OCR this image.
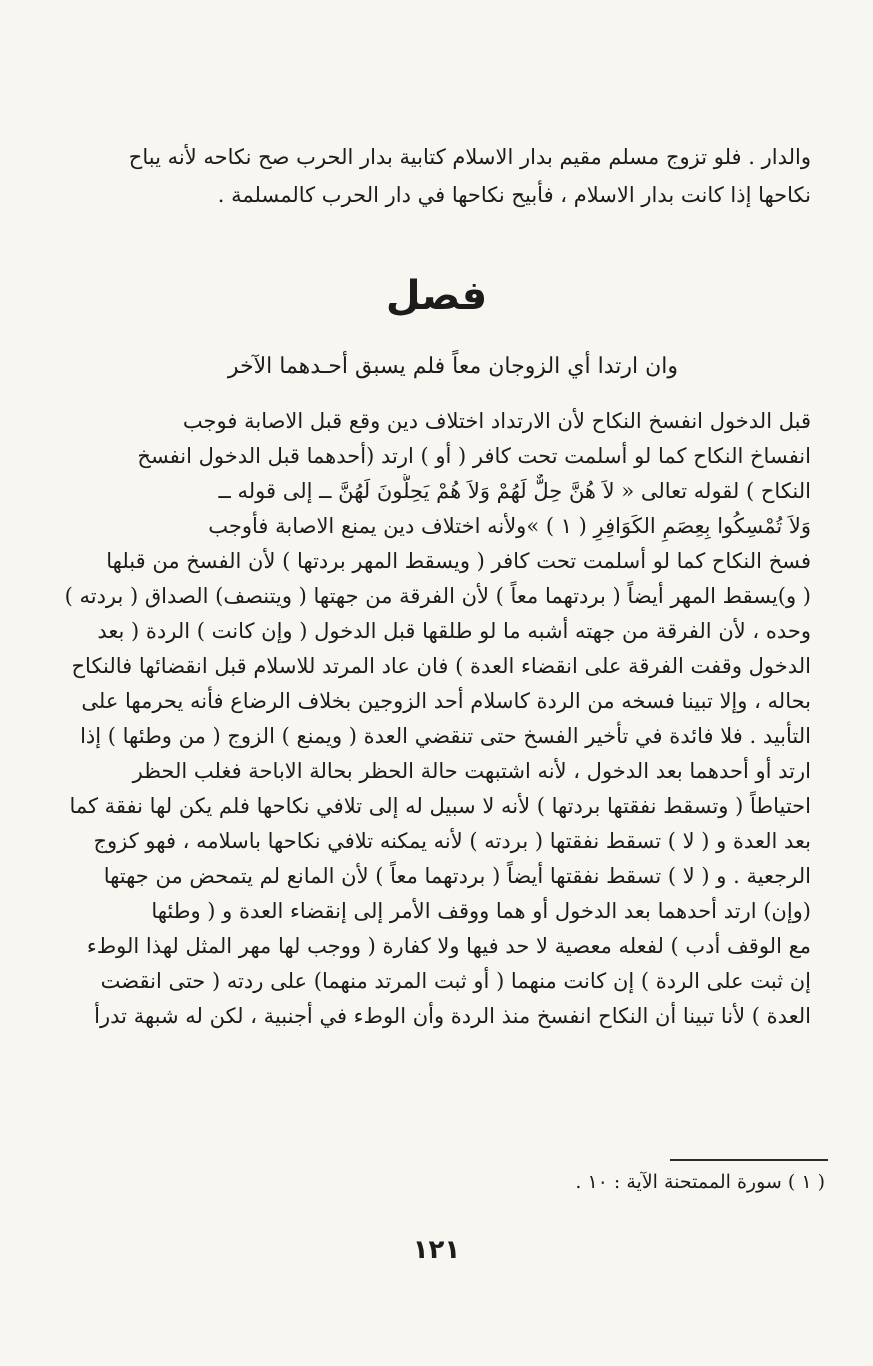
والدار . فلو تزوج مسلم مقيم بدار الاسلام كتابية بدار الحرب صح نكاحه لأنه يباح
نكاحها إذا كانت بدار الاسلام ، فأبيح نكاحها في دار الحرب كالمسلمة .
فصل
وان ارتدا أي الزوجان معاً فلم يسبق أحـدهما الآخر
قبل الدخول انفسخ النكاح لأن الارتداد اختلاف دين وقع قبل الاصابة فوجب
انفساخ النكاح كما لو أسلمت تحت كافر ( أو ) ارتد (أحدهما قبل الدخول انفسخ
النكاح ) لقوله تعالى « لاَ هُنَّ حِلٌّ لَهُمْ وَلاَ هُمْ يَحِلُّونَ لَهُنَّ ــ إلى قوله ــ
وَلاَ تُمْسِكُوا بِعِصَمِ الكَوَافِرِ ( ١ ) »ولأنه اختلاف دين يمنع الاصابة فأوجب
فسخ النكاح كما لو أسلمت تحت كافر ( ويسقط المهر بردتها ) لأن الفسخ من قبلها
( و)يسقط المهر أيضاً ( بردتهما معاً ) لأن الفرقة من جهتها ( ويتنصف) الصداق ( بردته )
وحده ، لأن الفرقة من جهته أشبه ما لو طلقها قبل الدخول ( وإن كانت ) الردة ( بعد
الدخول وقفت الفرقة على انقضاء العدة ) فان عاد المرتد للاسلام قبل انقضائها فالنكاح
بحاله ، وإلا تبينا فسخه من الردة كاسلام أحد الزوجين بخلاف الرضاع فأنه يحرمها على
التأبيد . فلا فائدة في تأخير الفسخ حتى تنقضي العدة ( ويمنع ) الزوج ( من وطئها ) إذا
ارتد أو أحدهما بعد الدخول ، لأنه اشتبهت حالة الحظر بحالة الاباحة فغلب الحظر
احتياطاً ( وتسقط نفقتها بردتها ) لأنه لا سبيل له إلى تلافي نكاحها فلم يكن لها نفقة كما
بعد العدة و ( لا ) تسقط نفقتها ( بردته ) لأنه يمكنه تلافي نكاحها باسلامه ، فهو كزوج
الرجعية . و ( لا ) تسقط نفقتها أيضاً ( بردتهما معاً ) لأن المانع لم يتمحض من جهتها
(وإن) ارتد أحدهما بعد الدخول أو هما ووقف الأمر إلى إنقضاء العدة و ( وطئها
مع الوقف أدب ) لفعله معصية لا حد فيها ولا كفارة ( ووجب لها مهر المثل لهذا الوطء
إن ثبت على الردة ) إن كانت منهما ( أو ثبت المرتد منهما) على ردته ( حتى انقضت
العدة ) لأنا تبينا أن النكاح انفسخ منذ الردة وأن الوطء في أجنبية ، لكن له شبهة تدرأ
( ١ ) سورة الممتحنة الآية : ١٠ .
١٢١
